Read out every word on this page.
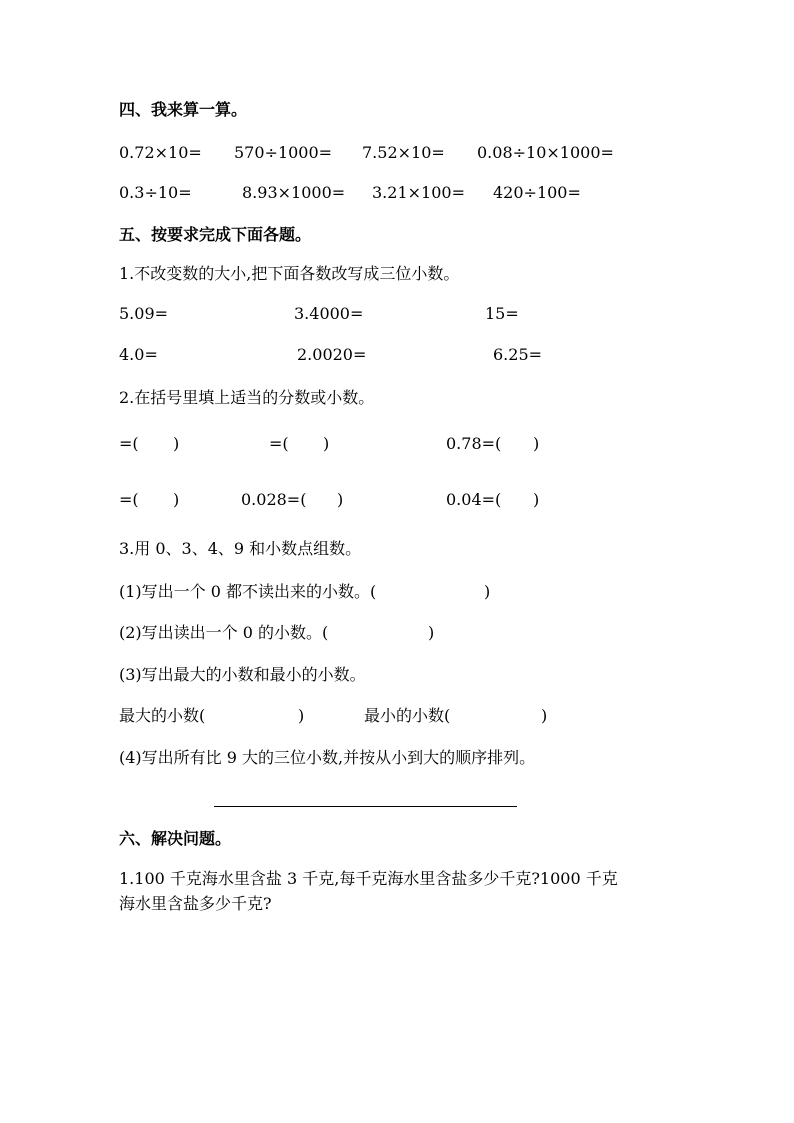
四、我来算一算。
0.72×10= 570÷1000= 7.52×10= 0.08÷10×1000=
0.3÷10=	8.93×1000= 3.21×100= 420÷100=
五、按要求完成下面各题。
1.不改变数的大小,把下面各数改写成三位小数。
5.09=	3.4000=	15=
4.0=	2.0020=	6.25=
2.在括号里填上适当的分数或小数。
=( )	=( )	0.78=( )
=( )	0.028=( )	0.04=( )
3.用 0、3、4、9 和小数点组数。
(1)写出一个 0 都不读出来的小数。(	)
(2)写出读出一个 0 的小数。(	)
(3)写出最大的小数和最小的小数。
最大的小数(	)	最小的小数(	)
(4)写出所有比 9 大的三位小数,并按从小到大的顺序排列。
六、解决问题。
1.100 千克海水里含盐 3 千克,每千克海水里含盐多少千克?1000 千克
海水里含盐多少千克?
